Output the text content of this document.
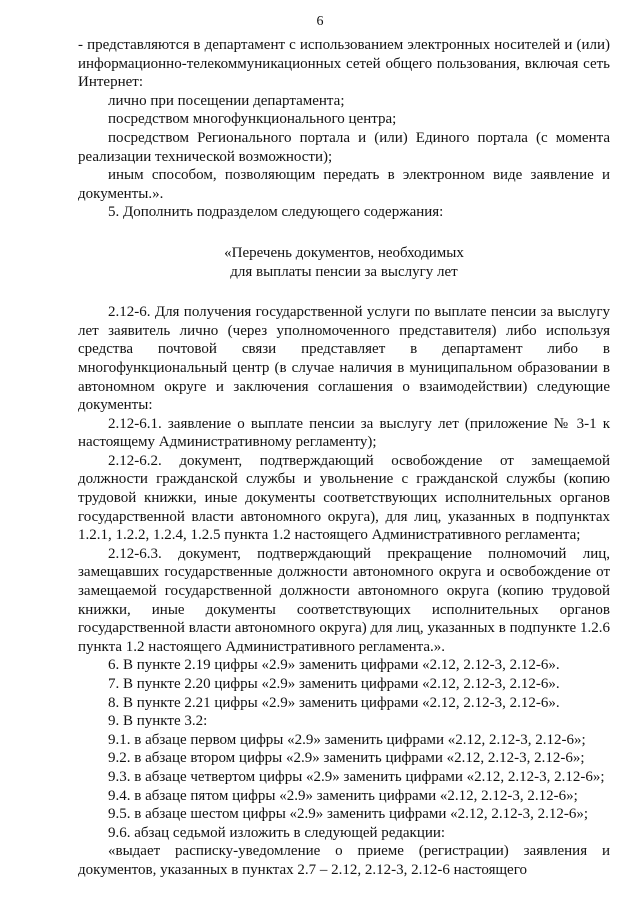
6

- представляются в департамент с использованием электронных носителей и (или) информационно-телекоммуникационных сетей общего пользования, включая сеть Интернет:

лично при посещении департамента;

посредством многофункционального центра;

посредством Регионального портала и (или) Единого портала (с момента реализации технической возможности);

иным способом, позволяющим передать в электронном виде заявление и документы.».

5. Дополнить подразделом следующего содержания:

«Перечень документов, необходимых
для выплаты пенсии за выслугу лет

2.12-6. Для получения государственной услуги по выплате пенсии за выслугу лет заявитель лично (через уполномоченного представителя) либо используя средства почтовой связи представляет в департамент либо в многофункциональный центр (в случае наличия в муниципальном образовании в автономном округе и заключения соглашения о взаимодействии) следующие документы:

2.12-6.1. заявление о выплате пенсии за выслугу лет (приложение № 3-1 к настоящему Административному регламенту);

2.12-6.2. документ, подтверждающий освобождение от замещаемой должности гражданской службы и увольнение с гражданской службы (копию трудовой книжки, иные документы соответствующих исполнительных органов государственной власти автономного округа), для лиц, указанных в подпунктах 1.2.1, 1.2.2, 1.2.4, 1.2.5 пункта 1.2 настоящего Административного регламента;

2.12-6.3. документ, подтверждающий прекращение полномочий лиц, замещавших государственные должности автономного округа и освобождение от замещаемой государственной должности автономного округа (копию трудовой книжки, иные документы соответствующих исполнительных органов государственной власти автономного округа) для лиц, указанных в подпункте 1.2.6 пункта 1.2 настоящего Административного регламента.».

6. В пункте 2.19 цифры «2.9» заменить цифрами «2.12, 2.12-3, 2.12-6».

7. В пункте 2.20 цифры «2.9» заменить цифрами «2.12, 2.12-3, 2.12-6».

8. В пункте 2.21 цифры «2.9» заменить цифрами «2.12, 2.12-3, 2.12-6».

9. В пункте 3.2:

9.1. в абзаце первом цифры «2.9» заменить цифрами «2.12, 2.12-3, 2.12-6»;

9.2. в абзаце втором цифры «2.9» заменить цифрами «2.12, 2.12-3, 2.12-6»;

9.3. в абзаце четвертом цифры «2.9» заменить цифрами «2.12, 2.12-3, 2.12-6»;

9.4. в абзаце пятом цифры «2.9» заменить цифрами «2.12, 2.12-3, 2.12-6»;

9.5. в абзаце шестом цифры «2.9» заменить цифрами «2.12, 2.12-3, 2.12-6»;

9.6. абзац седьмой изложить в следующей редакции:

«выдает расписку-уведомление о приеме (регистрации) заявления и документов, указанных в пунктах 2.7 – 2.12, 2.12-3, 2.12-6 настоящего
